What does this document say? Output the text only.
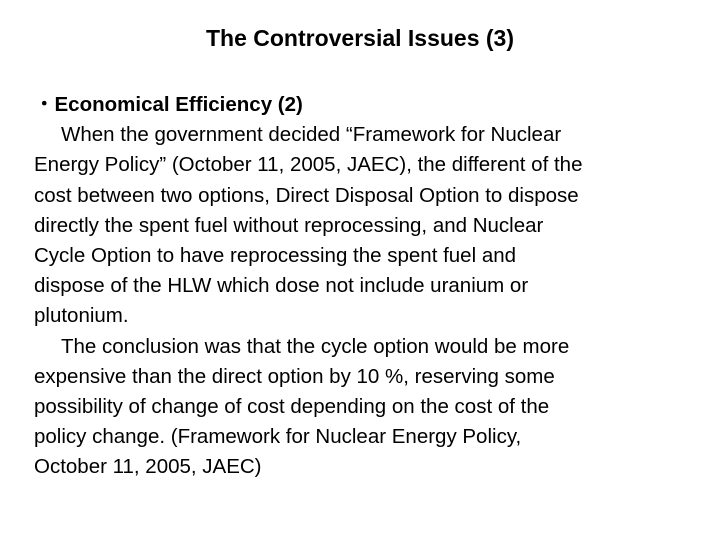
The Controversial Issues (3)
・Economical Efficiency (2)
When the government decided “Framework for Nuclear
Energy Policy” (October 11, 2005, JAEC), the different of the
cost between two options, Direct Disposal Option to dispose
directly the spent fuel without reprocessing, and Nuclear
Cycle Option to have reprocessing the spent fuel and
dispose of the HLW which dose not include uranium or
plutonium.
The conclusion was that the cycle option would be more
expensive than the direct option by 10 %, reserving some
possibility of change of cost depending on the cost of the
policy change. (Framework for Nuclear Energy Policy,
October 11, 2005, JAEC)
